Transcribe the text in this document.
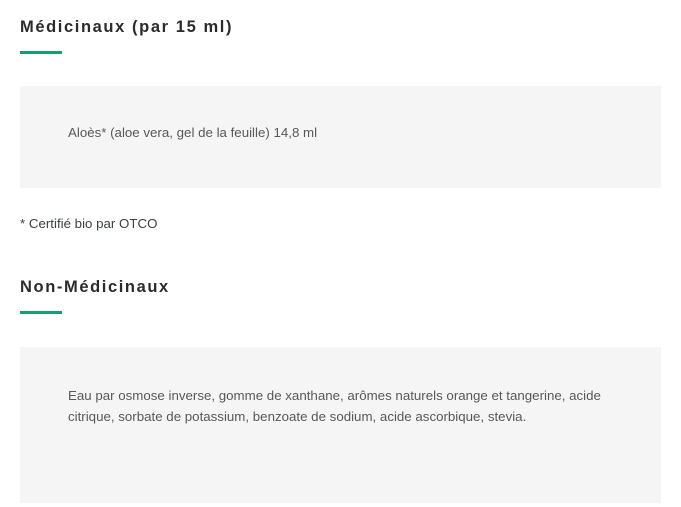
Médicinaux (par 15 ml)

Aloès* (aloe vera, gel de la feuille) 14,8 ml

* Certifié bio par OTCO
Non-Médicinaux

Eau par osmose inverse, gomme de xanthane, arômes naturels orange et tangerine, acide citrique, sorbate de potassium, benzoate de sodium, acide ascorbique, stevia.
